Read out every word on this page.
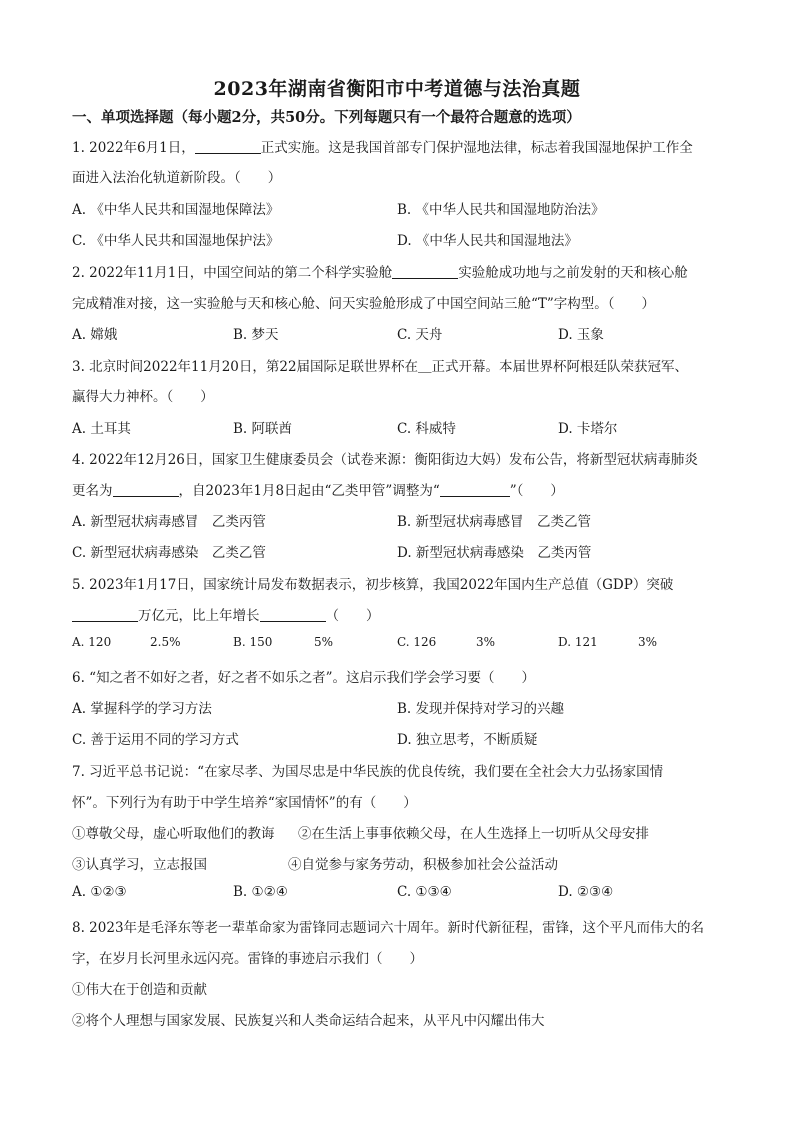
2023年湖南省衡阳市中考道德与法治真题
一、单项选择题（每小题2分，共50分。下列每题只有一个最符合题意的选项）
1. 2022年6月1日，	正式实施。这是我国首部专门保护湿地法律，标志着我国湿地保护工作全
面进入法治化轨道新阶段。（　　）
A. 《中华人民共和国湿地保障法》	B. 《中华人民共和国湿地防治法》
C. 《中华人民共和国湿地保护法》	D. 《中华人民共和国湿地法》
2. 2022年11月1日，中国空间站的第二个科学实验舱	实验舱成功地与之前发射的天和核心舱
完成精准对接，这一实验舱与天和核心舱、问天实验舱形成了中国空间站三舱“T”字构型。（　　）
A. 嫦娥	B. 梦天	C. 天舟	D. 玉象
3. 北京时间2022年11月20日，第22届国际足联世界杯在＿正式开幕。本届世界杯阿根廷队荣获冠军、
赢得大力神杯。（　　）
A. 土耳其	B. 阿联酋	C. 科威特	D. 卡塔尔
4. 2022年12月26日，国家卫生健康委员会（试卷来源：衡阳街边大妈）发布公告，将新型冠状病毒肺炎
更名为	，自2023年1月8日起由“乙类甲管”调整为“	”（　　）
A. 新型冠状病毒感冒　乙类丙管	B. 新型冠状病毒感冒　乙类乙管
C. 新型冠状病毒感染　乙类乙管	D. 新型冠状病毒感染　乙类丙管
5. 2023年1月17日，国家统计局发布数据表示，初步核算，我国2022年国内生产总值（GDP）突破
万亿元，比上年增长	（　　）
A. 120	2.5%	B. 150	5%	C. 126	3%	D. 121	3%
6. “知之者不如好之者，好之者不如乐之者”。这启示我们学会学习要（　　）
A. 掌握科学的学习方法	B. 发现并保持对学习的兴趣
C. 善于运用不同的学习方式	D. 独立思考，不断质疑
7. 习近平总书记说：“在家尽孝、为国尽忠是中华民族的优良传统，我们要在全社会大力弘扬家国情
怀”。下列行为有助于中学生培养“家国情怀”的有（　　）
①尊敬父母，虚心听取他们的教诲 ②在生活上事事依赖父母，在人生选择上一切听从父母安排
③认真学习，立志报国	④自觉参与家务劳动，积极参加社会公益活动
A. ①②③	B. ①②④	C. ①③④	D. ②③④
8. 2023年是毛泽东等老一辈革命家为雷锋同志题词六十周年。新时代新征程，雷锋，这个平凡而伟大的名
字，在岁月长河里永远闪亮。雷锋的事迹启示我们（　　）
①伟大在于创造和贡献
②将个人理想与国家发展、民族复兴和人类命运结合起来，从平凡中闪耀出伟大
